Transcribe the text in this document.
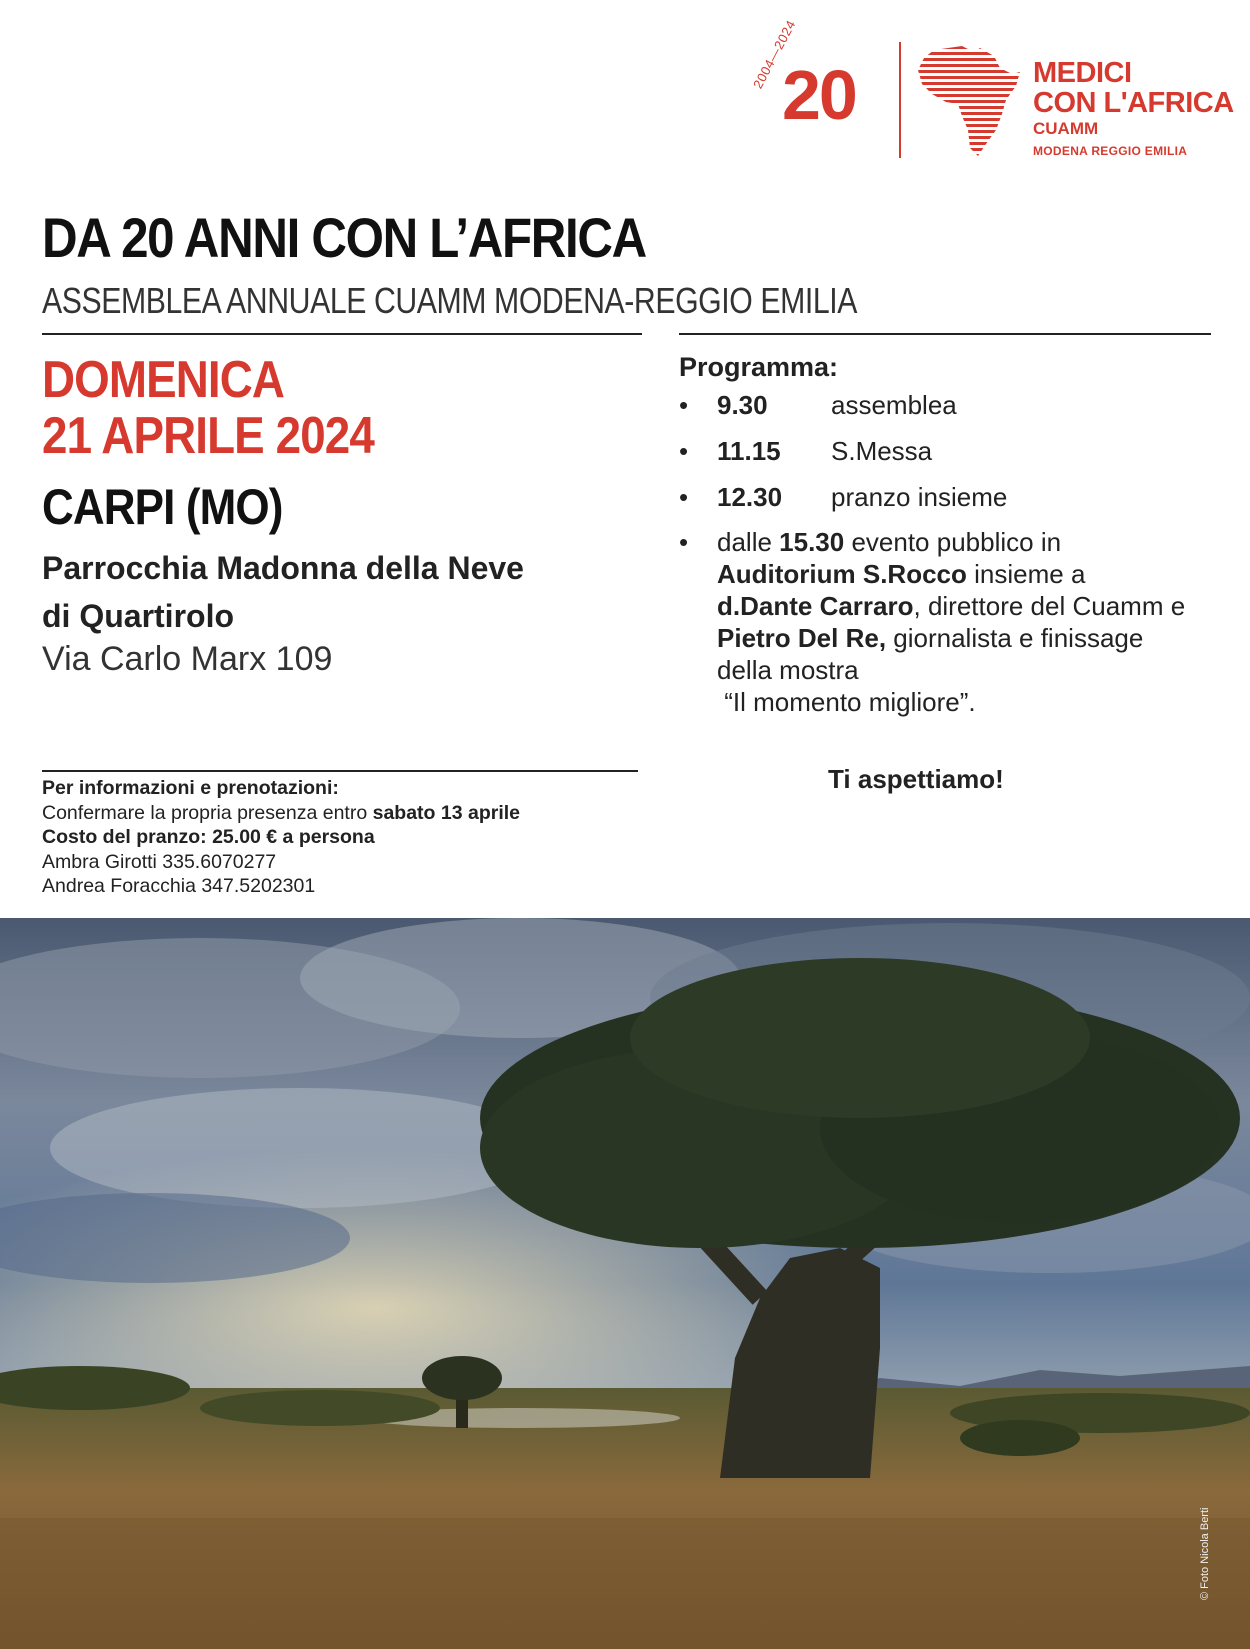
2004—2024
20	MEDICI
CON L'AFRICA
CUAMM
MODENA REGGIO EMILIA
DA 20 ANNI CON L’AFRICA
ASSEMBLEA ANNUALE CUAMM MODENA-REGGIO EMILIA
DOMENICA
21 APRILE 2024
CARPI (MO)
Parrocchia Madonna della Neve
di Quartirolo
Via Carlo Marx 109
Programma:
•	9.30	assemblea
•	11.15	S.Messa
•	12.30	pranzo insieme
•	dalle 15.30 evento pubblico in Auditorium S.Rocco insieme a d.Dante Carraro, direttore del Cuamm e Pietro Del Re, giornalista e finissage della mostra
“Il momento migliore”.
Ti aspettiamo!
Per informazioni e prenotazioni:
Confermare la propria presenza entro sabato 13 aprile
Costo del pranzo: 25.00 € a persona
Ambra Girotti 335.6070277
Andrea Foracchia 347.5202301
© Foto Nicola Berti
